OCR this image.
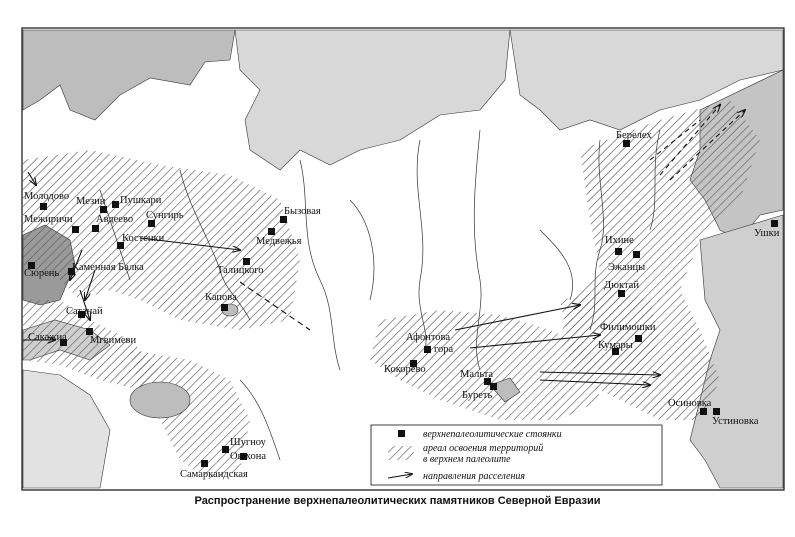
Молодово Мезин Пушкари
Межиричи Авдеево Сунгирь
Костенки
Бызовая
Медвежья
Талицкого
Сюрень
Каменная Балка
Капова
Сатанай
Сакажиа Мгвимеви
Берелех
Ушки
Ихине
Эжанцы
Дюктай
Филимошки
Кумары
Афонтова
гора
Кокорево	Мальта
Буреть
Осиновка
Устиновка
Шугноу
Ошхона
Самаркандская
верхнепалеолитические стоянки
ареал освоения территорий
в верхнем палеолите
направления расселения
Распространение верхнепалеолитических памятников Северной Евразии
